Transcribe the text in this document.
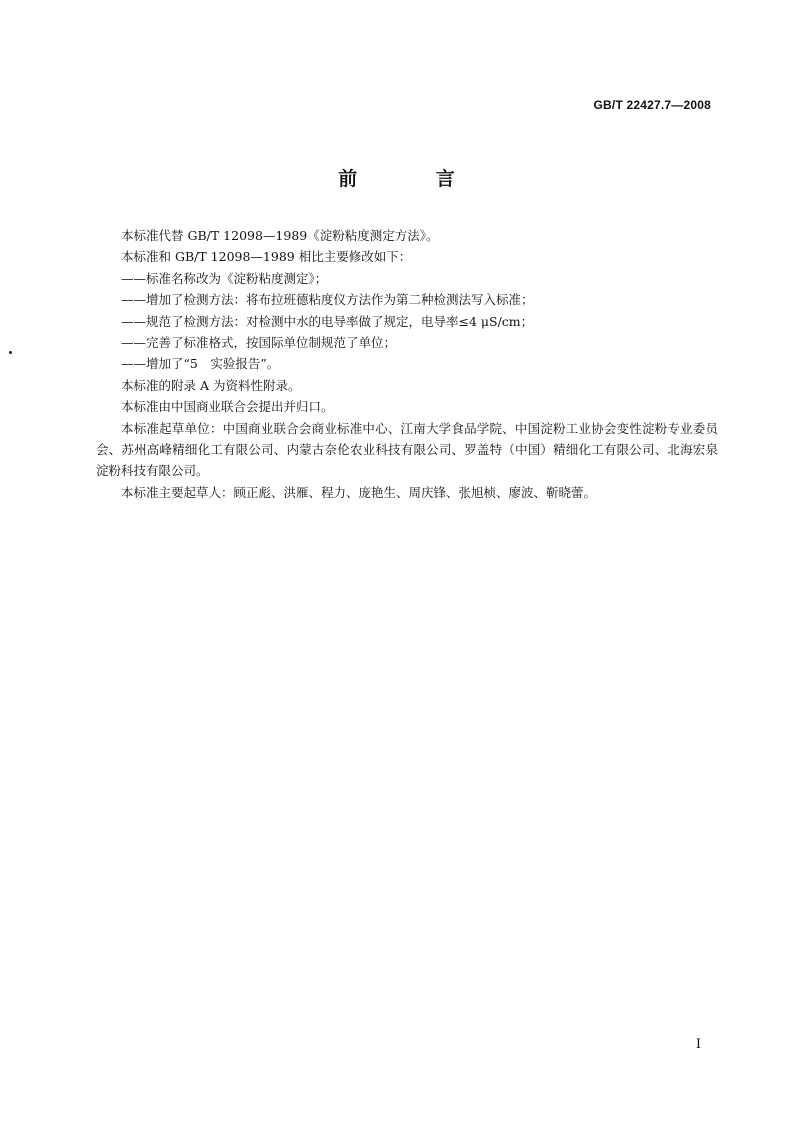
GB/T 22427.7—2008
前 言

本标准代替 GB/T 12098—1989《淀粉粘度测定方法》。

本标准和 GB/T 12098—1989 相比主要修改如下：

——标准名称改为《淀粉粘度测定》；

——增加了检测方法：将布拉班德粘度仪方法作为第二种检测法写入标准；

——规范了检测方法：对检测中水的电导率做了规定，电导率≤4 μS/cm；

——完善了标准格式，按国际单位制规范了单位；

——增加了“5　实验报告”。

本标准的附录 A 为资料性附录。

本标准由中国商业联合会提出并归口。

本标准起草单位：中国商业联合会商业标准中心、江南大学食品学院、中国淀粉工业协会变性淀粉专业委员会、苏州高峰精细化工有限公司、内蒙古奈伦农业科技有限公司、罗盖特（中国）精细化工有限公司、北海宏泉淀粉科技有限公司。

本标准主要起草人：顾正彪、洪雁、程力、庞艳生、周庆锋、张旭桢、廖波、靳晓蕾。

I
